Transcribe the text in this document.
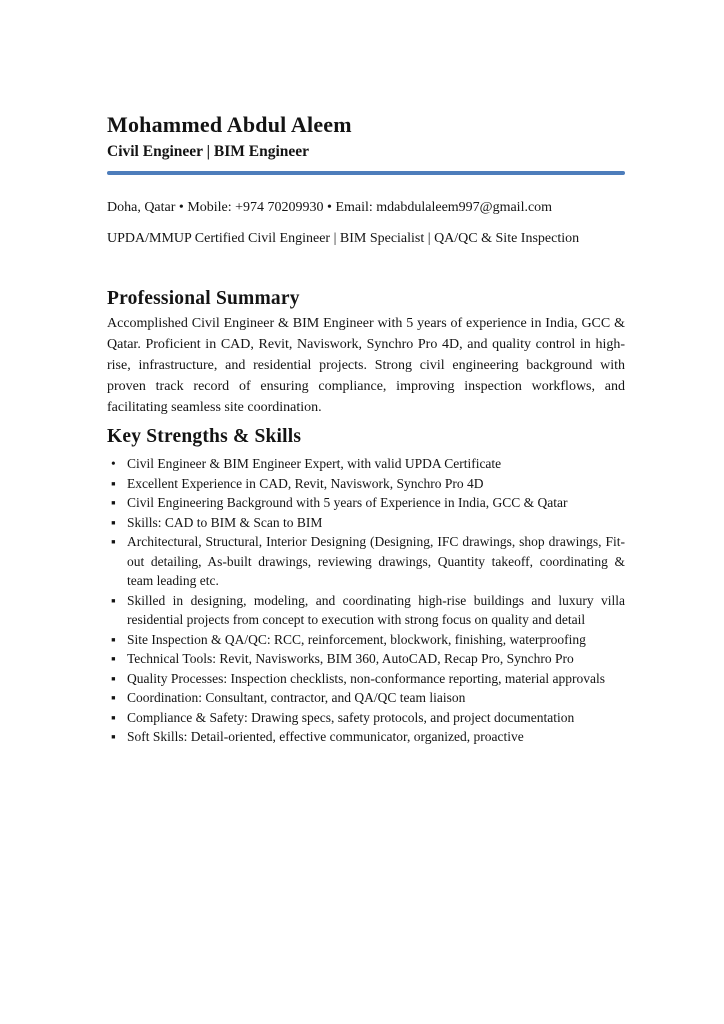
Mohammed Abdul Aleem
Civil Engineer | BIM Engineer

Doha, Qatar • Mobile: +974 70209930 • Email: mdabdulaleem997@gmail.com

UPDA/MMUP Certified Civil Engineer | BIM Specialist | QA/QC & Site Inspection

Professional Summary

Accomplished Civil Engineer & BIM Engineer with 5 years of experience in India, GCC & Qatar. Proficient in CAD, Revit, Naviswork, Synchro Pro 4D, and quality control in high-rise, infrastructure, and residential projects. Strong civil engineering background with proven track record of ensuring compliance, improving inspection workflows, and facilitating seamless site coordination.

Key Strengths & Skills
• Civil Engineer & BIM Engineer Expert, with valid UPDA Certificate
▪ Excellent Experience in CAD, Revit, Naviswork, Synchro Pro 4D
▪ Civil Engineering Background with 5 years of Experience in India, GCC & Qatar
▪ Skills: CAD to BIM & Scan to BIM
▪ Architectural, Structural, Interior Designing (Designing, IFC drawings, shop drawings, Fit-out detailing, As-built drawings, reviewing drawings, Quantity takeoff, coordinating & team leading etc.
▪ Skilled in designing, modeling, and coordinating high-rise buildings and luxury villa residential projects from concept to execution with strong focus on quality and detail
▪ Site Inspection & QA/QC: RCC, reinforcement, blockwork, finishing, waterproofing
▪ Technical Tools: Revit, Navisworks, BIM 360, AutoCAD, Recap Pro, Synchro Pro
▪ Quality Processes: Inspection checklists, non-conformance reporting, material approvals
▪ Coordination: Consultant, contractor, and QA/QC team liaison
▪ Compliance & Safety: Drawing specs, safety protocols, and project documentation
▪ Soft Skills: Detail-oriented, effective communicator, organized, proactive
